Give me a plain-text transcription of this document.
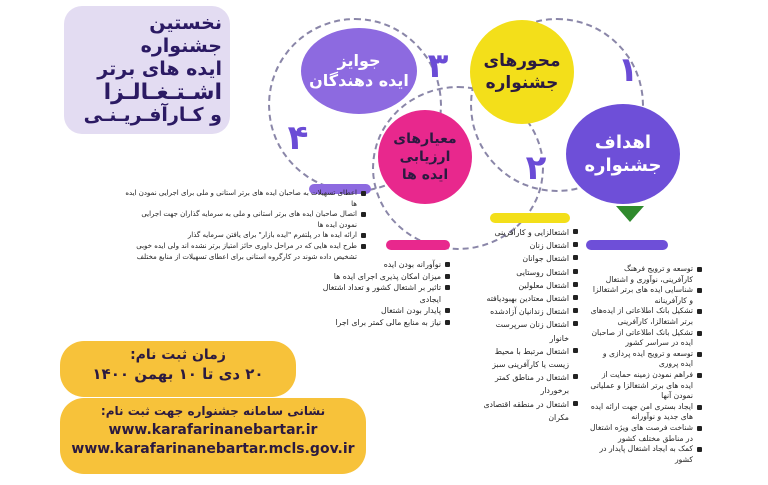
نخستین جشنواره
ایده های برتر
اشـتـغـالـزا
و کـارآفـریـنـی
جوایز
ایده دهندگان
محورهای
جشنواره
معیارهای
ارزیابی
ایده ها
اهداف
جشنواره
۳	۱
۲
۴
اعطای تسهیلات به صاحبان ایده های برتر استانی و ملی برای اجرایی نمودن ایده ها
اتصال صاحبان ایده های برتر استانی و ملی به سرمایه گذاران جهت اجرایی نمودن ایده ها
ارائه ایده ها در پلتفرم "ایده بازار" برای یافتن سرمایه گذار
طرح ایده هایی که در مراحل داوری حائز امتیاز برتر نشده اند ولی ایده خوبی تشخیص داده شوند در کارگروه استانی برای اعطای تسهیلات از منابع مختلف
نوآورانه بودن ایده
میزان امکان پذیری اجرای ایده ها
تاثیر بر اشتغال کشور و تعداد اشتغال ایجادی
پایدار بودن اشتغال
نیاز به منابع مالی کمتر برای اجرا
اشتغالزایی و کارآفرینی
اشتغال زنان
اشتغال جوانان
اشتغال روستایی
اشتغال معلولین
اشتغال معتادین بهبودیافته
اشتغال زندانیان آزادشده
اشتغال زنان سرپرست خانوار
اشتغال مرتبط با محیط زیست یا کارآفرینی سبز
اشتغال در مناطق کمتر برخوردار
اشتغال در منطقه اقتصادی مکران
توسعه و ترویج فرهنگ کارآفرینی، نوآوری و اشتغال
شناسایی ایده های برتر اشتغالزا و کارآفرینانه
تشکیل بانک اطلاعاتی از ایده‌های برتر اشتغالزا، کارآفرینی
تشکیل بانک اطلاعاتی از صاحبان ایده در سراسر کشور
توسعه و ترویج ایده پردازی و ایده پروری
فراهم نمودن زمینه حمایت از ایده های برتر اشتغالزا و عملیاتی نمودن آنها
ایجاد بستری امن جهت ارائه ایده های جدید و نوآورانه
شناخت فرصت های ویژه اشتغال در مناطق مختلف کشور
کمک به ایجاد اشتغال پایدار در کشور
زمان ثبت نام:
۲۰ دی تا ۱۰ بهمن ۱۴۰۰
نشانی سامانه جشنواره جهت ثبت نام:
www.karafarinanebartar.ir
www.karafarinanebartar.mcls.gov.ir
